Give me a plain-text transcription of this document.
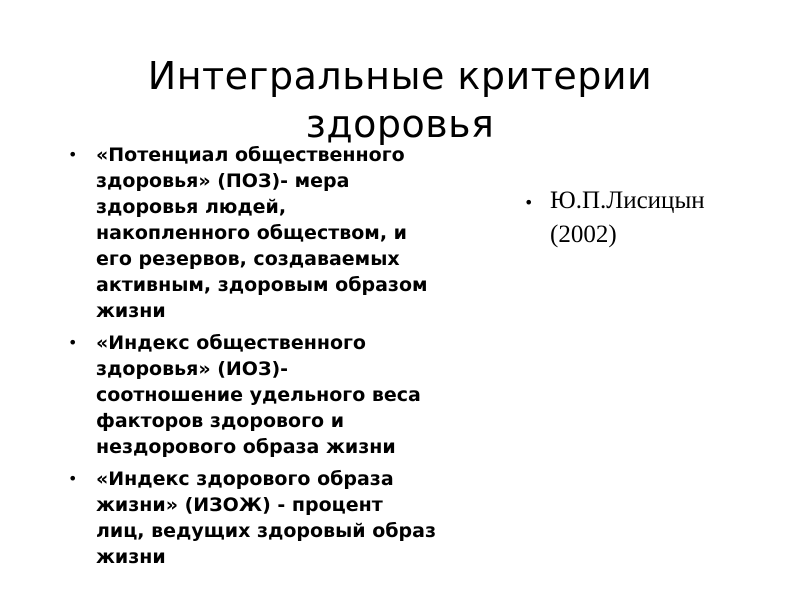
Интегральные критерии
здоровья
• «Потенциал общественного
здоровья» (ПОЗ)- мера
здоровья людей,
накопленного обществом, и
его резервов, создаваемых
активным, здоровым образом
жизни
• «Индекс общественного
здоровья» (ИОЗ)-
соотношение удельного веса
факторов здорового и
нездорового образа жизни
• «Индекс здорового образа
жизни» (ИЗОЖ) - процент
лиц, ведущих здоровый образ
жизни
• Ю.П.Лисицын
(2002)
